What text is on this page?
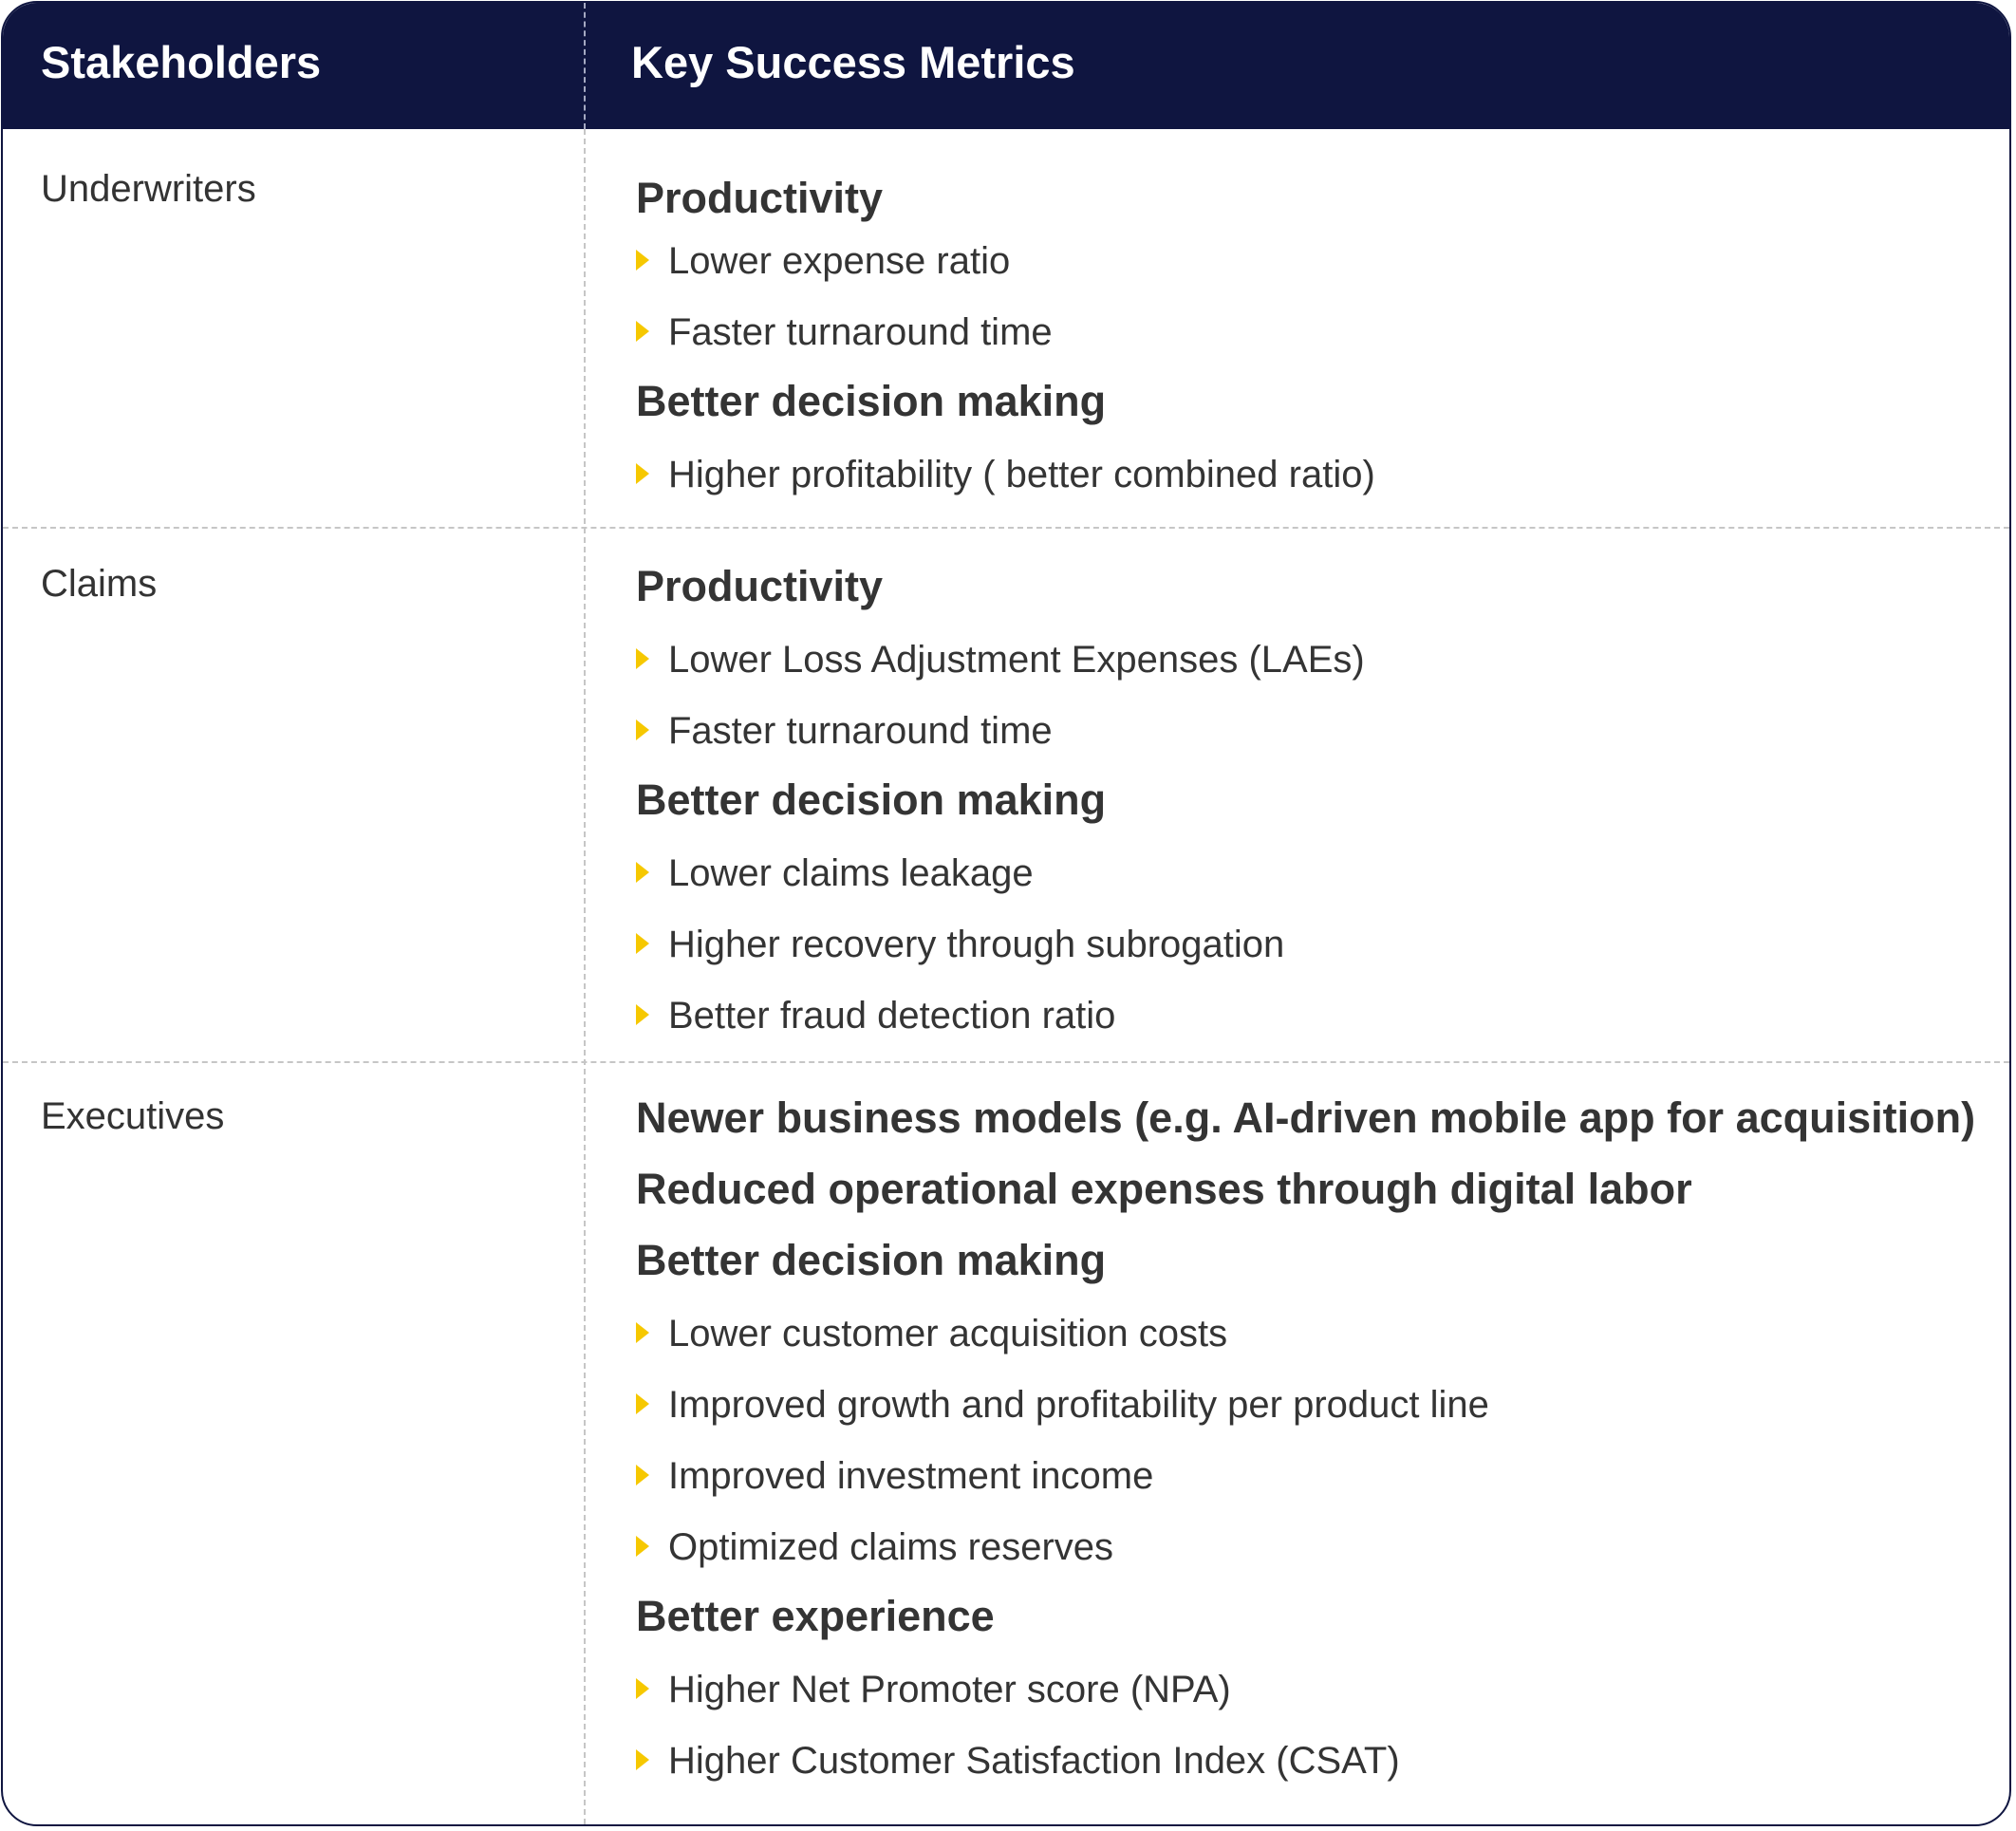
Stakeholders	Key Success Metrics
Underwriters	Productivity
Lower expense ratio
Faster turnaround time
Better decision making
Higher profitability ( better combined ratio)
Claims	Productivity
Lower Loss Adjustment Expenses (LAEs)
Faster turnaround time
Better decision making
Lower claims leakage
Higher recovery through subrogation
Better fraud detection ratio
Executives	Newer business models (e.g. AI-driven mobile app for acquisition)
Reduced operational expenses through digital labor
Better decision making
Lower customer acquisition costs
Improved growth and profitability per product line
Improved investment income
Optimized claims reserves
Better experience
Higher Net Promoter score (NPA)
Higher Customer Satisfaction Index (CSAT)
